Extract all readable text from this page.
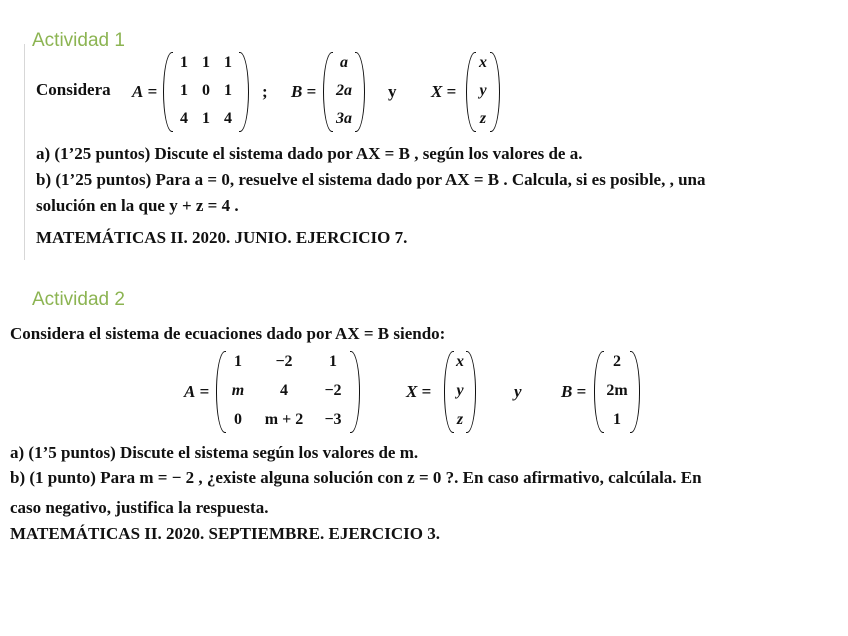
Actividad 1
Considera A =
1 1 1
1 0 1
4 1 4
; B =
a
2a
3a
y X =
x
y
z
a) (1’25 puntos) Discute el sistema dado por AX = B , según los valores de a.
b) (1’25 puntos) Para a = 0, resuelve el sistema dado por AX = B . Calcula, si es posible, , una
solución en la que y + z = 4 .
MATEMÁTICAS II. 2020. JUNIO. EJERCICIO 7.
Actividad 2
Considera el sistema de ecuaciones dado por AX = B siendo:
A =
1	−2	1
m	4	−2
0	m + 2	−3
X =
x
y
z
y B =
2
2m
1
a) (1’5 puntos) Discute el sistema según los valores de m.
b) (1 punto) Para m = − 2 , ¿existe alguna solución con z = 0 ?. En caso afirmativo, calcúlala. En
caso negativo, justifica la respuesta.
MATEMÁTICAS II. 2020. SEPTIEMBRE. EJERCICIO 3.
